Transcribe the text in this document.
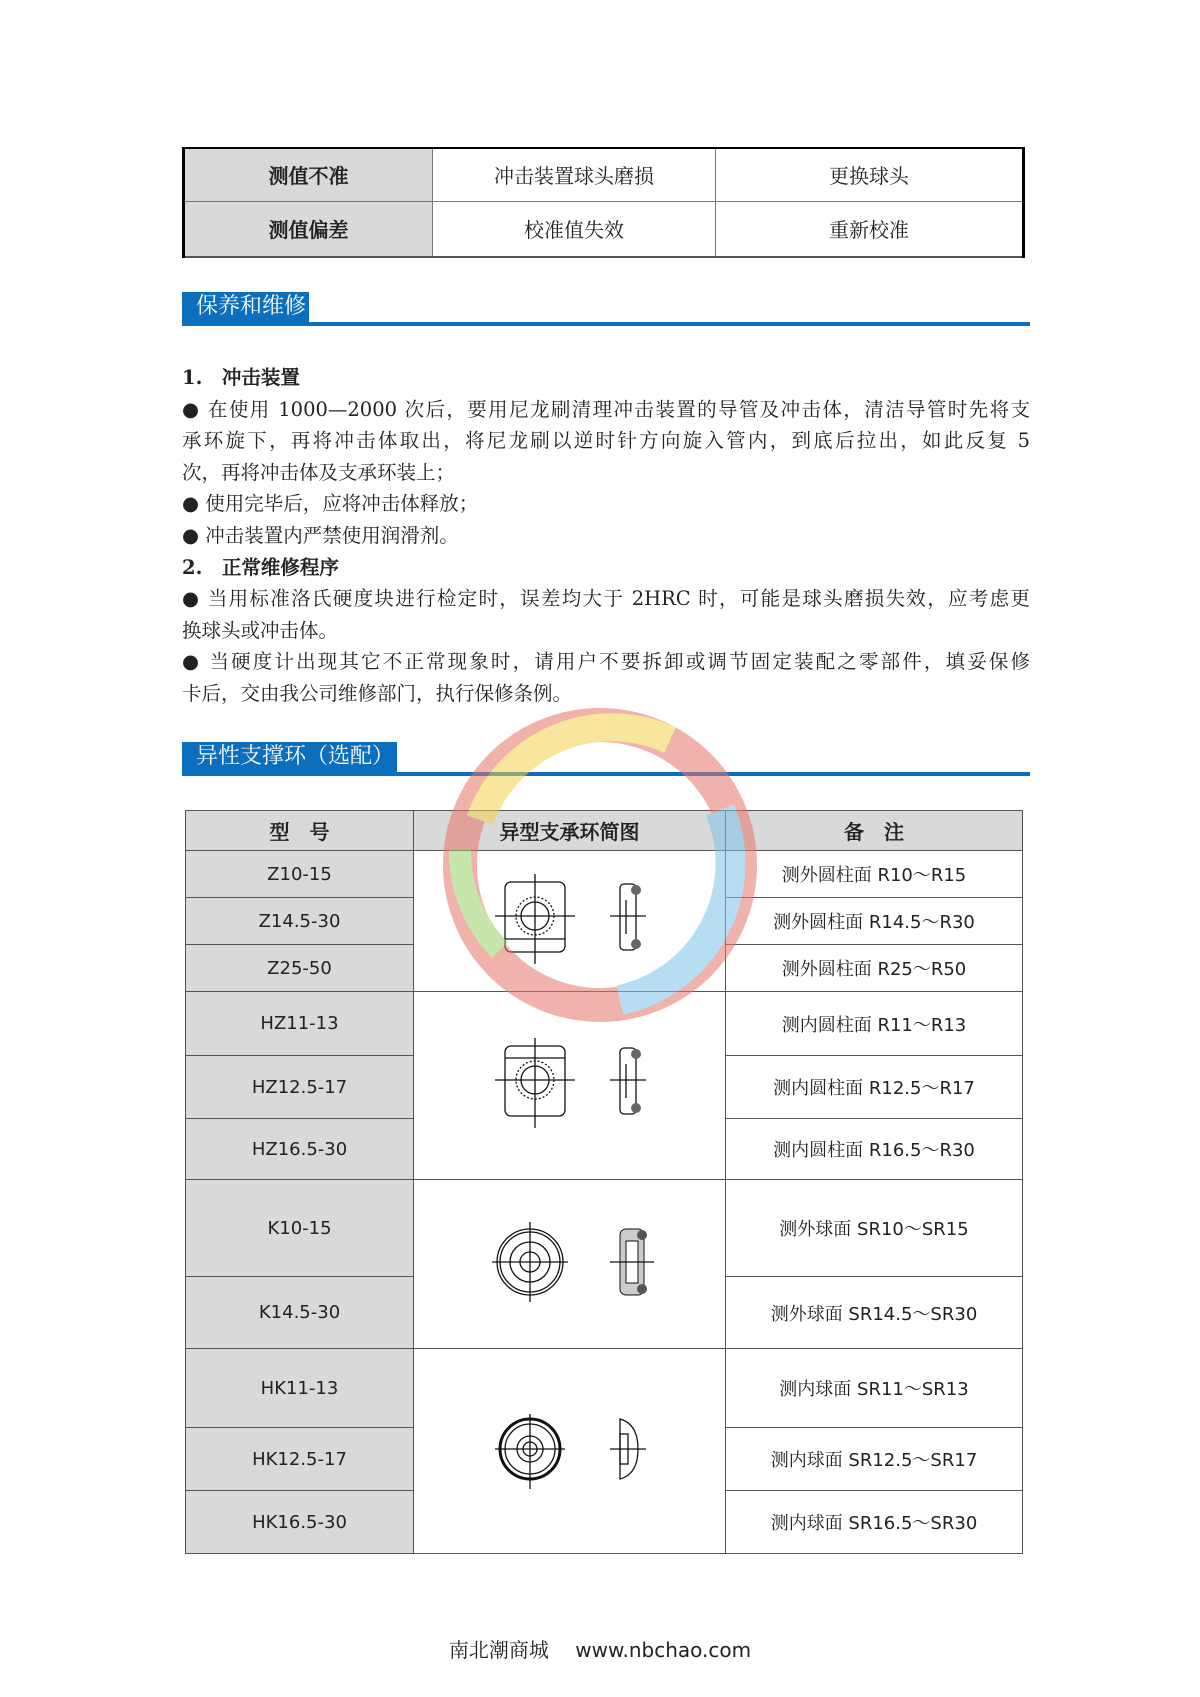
测值不准	冲击装置球头磨损	更换球头
测值偏差	校准值失效	重新校准
保养和维修
1.　冲击装置
● 在使用 1000—2000 次后，要用尼龙刷清理冲击装置的导管及冲击体，清洁导管时先将支
承环旋下，再将冲击体取出，将尼龙刷以逆时针方向旋入管内，到底后拉出，如此反复 5
次，再将冲击体及支承环装上；
● 使用完毕后，应将冲击体释放；
● 冲击装置内严禁使用润滑剂。
2.　正常维修程序
● 当用标准洛氏硬度块进行检定时，误差均大于 2HRC 时，可能是球头磨损失效，应考虑更
换球头或冲击体。
● 当硬度计出现其它不正常现象时，请用户不要拆卸或调节固定装配之零部件，填妥保修
卡后，交由我公司维修部门，执行保修条例。
异性支撑环（选配）
型　号	异型支承环简图	备　注
Z10-15		测外圆柱面 R10～R15
Z14.5-30		测外圆柱面 R14.5～R30
Z25-50		测外圆柱面 R25～R50
HZ11-13		测内圆柱面 R11～R13
HZ12.5-17		测内圆柱面 R12.5～R17
HZ16.5-30		测内圆柱面 R16.5～R30
K10-15		测外球面 SR10～SR15
K14.5-30		测外球面 SR14.5～SR30
HK11-13		测内球面 SR11～SR13
HK12.5-17		测内球面 SR12.5～SR17
HK16.5-30		测内球面 SR16.5～SR30
南北潮商城　 www.nbchao.com
